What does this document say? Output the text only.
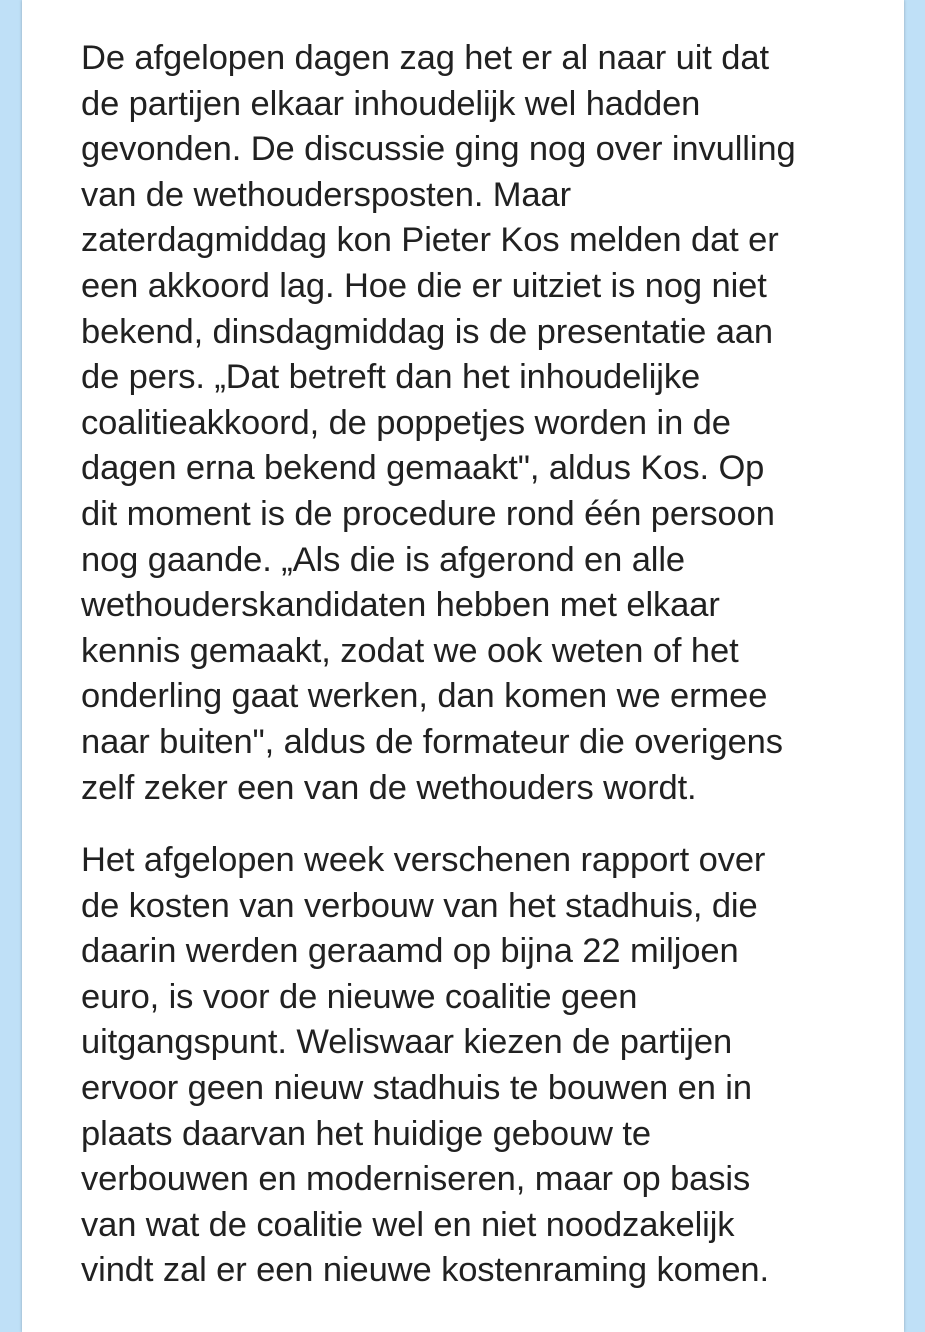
De afgelopen dagen zag het er al naar uit dat
de partijen elkaar inhoudelijk wel hadden
gevonden. De discussie ging nog over invulling
van de wethoudersposten. Maar
zaterdagmiddag kon Pieter Kos melden dat er
een akkoord lag. Hoe die er uitziet is nog niet
bekend, dinsdagmiddag is de presentatie aan
de pers. „Dat betreft dan het inhoudelijke
coalitieakkoord, de poppetjes worden in de
dagen erna bekend gemaakt", aldus Kos. Op
dit moment is de procedure rond één persoon
nog gaande. „Als die is afgerond en alle
wethouderskandidaten hebben met elkaar
kennis gemaakt, zodat we ook weten of het
onderling gaat werken, dan komen we ermee
naar buiten", aldus de formateur die overigens
zelf zeker een van de wethouders wordt.

Het afgelopen week verschenen rapport over
de kosten van verbouw van het stadhuis, die
daarin werden geraamd op bijna 22 miljoen
euro, is voor de nieuwe coalitie geen
uitgangspunt. Weliswaar kiezen de partijen
ervoor geen nieuw stadhuis te bouwen en in
plaats daarvan het huidige gebouw te
verbouwen en moderniseren, maar op basis
van wat de coalitie wel en niet noodzakelijk
vindt zal er een nieuwe kostenraming komen.
